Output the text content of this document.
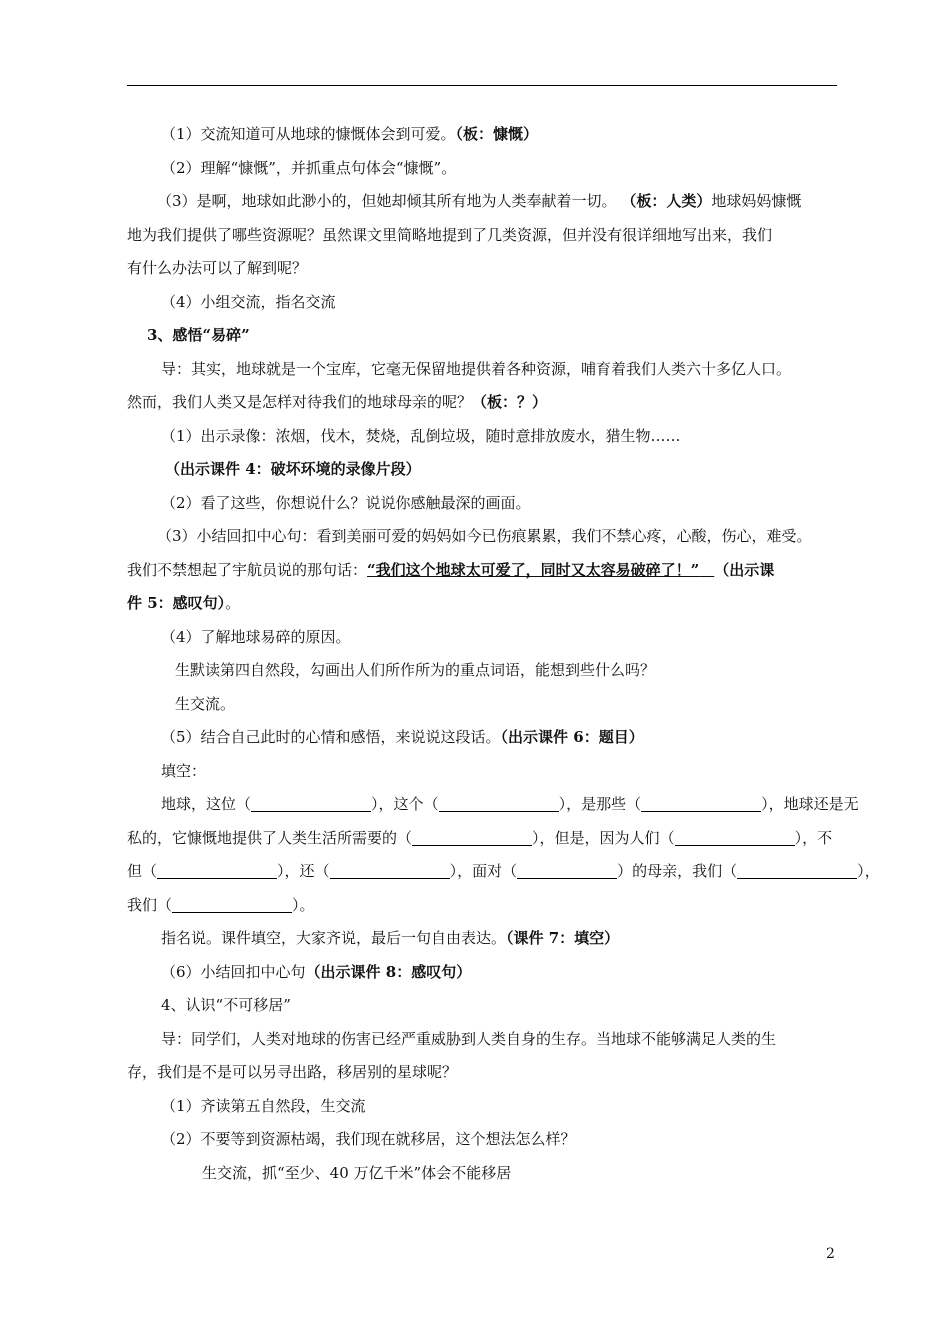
（1）交流知道可从地球的慷慨体会到可爱。（板：慷慨）

（2）理解“慷慨”，并抓重点句体会“慷慨”。

（3）是啊，地球如此渺小的，但她却倾其所有地为人类奉献着一切。 （板：人类）地球妈妈慷慨

地为我们提供了哪些资源呢？虽然课文里简略地提到了几类资源，但并没有很详细地写出来，我们

有什么办法可以了解到呢？

（4）小组交流，指名交流

3、感悟“易碎”

导：其实，地球就是一个宝库，它毫无保留地提供着各种资源，哺育着我们人类六十多亿人口。

然而，我们人类又是怎样对待我们的地球母亲的呢？（板：？）

（1）出示录像：浓烟，伐木，焚烧，乱倒垃圾，随时意排放废水，猎生物……

（出示课件 4：破坏环境的录像片段）

（2）看了这些，你想说什么？说说你感触最深的画面。

（3）小结回扣中心句：看到美丽可爱的妈妈如今已伤痕累累，我们不禁心疼，心酸，伤心，难受。

我们不禁想起了宇航员说的那句话：“我们这个地球太可爱了，同时又太容易破碎了！”  （出示课

件 5：感叹句）。

（4）了解地球易碎的原因。

生默读第四自然段，勾画出人们所作所为的重点词语，能想到些什么吗？

生交流。

（5）结合自己此时的心情和感悟，来说说这段话。（出示课件 6：题目）

填空：

地球，这位（	），这个（	），是那些（	），地球还是无

私的，它慷慨地提供了人类生活所需要的（	），但是，因为人们（	），不

但（	），还（	），面对（	）的母亲，我们（	），

我们（	）。

指名说。课件填空，大家齐说，最后一句自由表达。（课件 7：填空）

（6）小结回扣中心句（出示课件 8：感叹句）

4、认识“不可移居”

导：同学们，人类对地球的伤害已经严重威胁到人类自身的生存。当地球不能够满足人类的生

存，我们是不是可以另寻出路，移居别的星球呢？

（1）齐读第五自然段，生交流

（2）不要等到资源枯竭，我们现在就移居，这个想法怎么样？

生交流，抓“至少、40 万亿千米”体会不能移居

2
